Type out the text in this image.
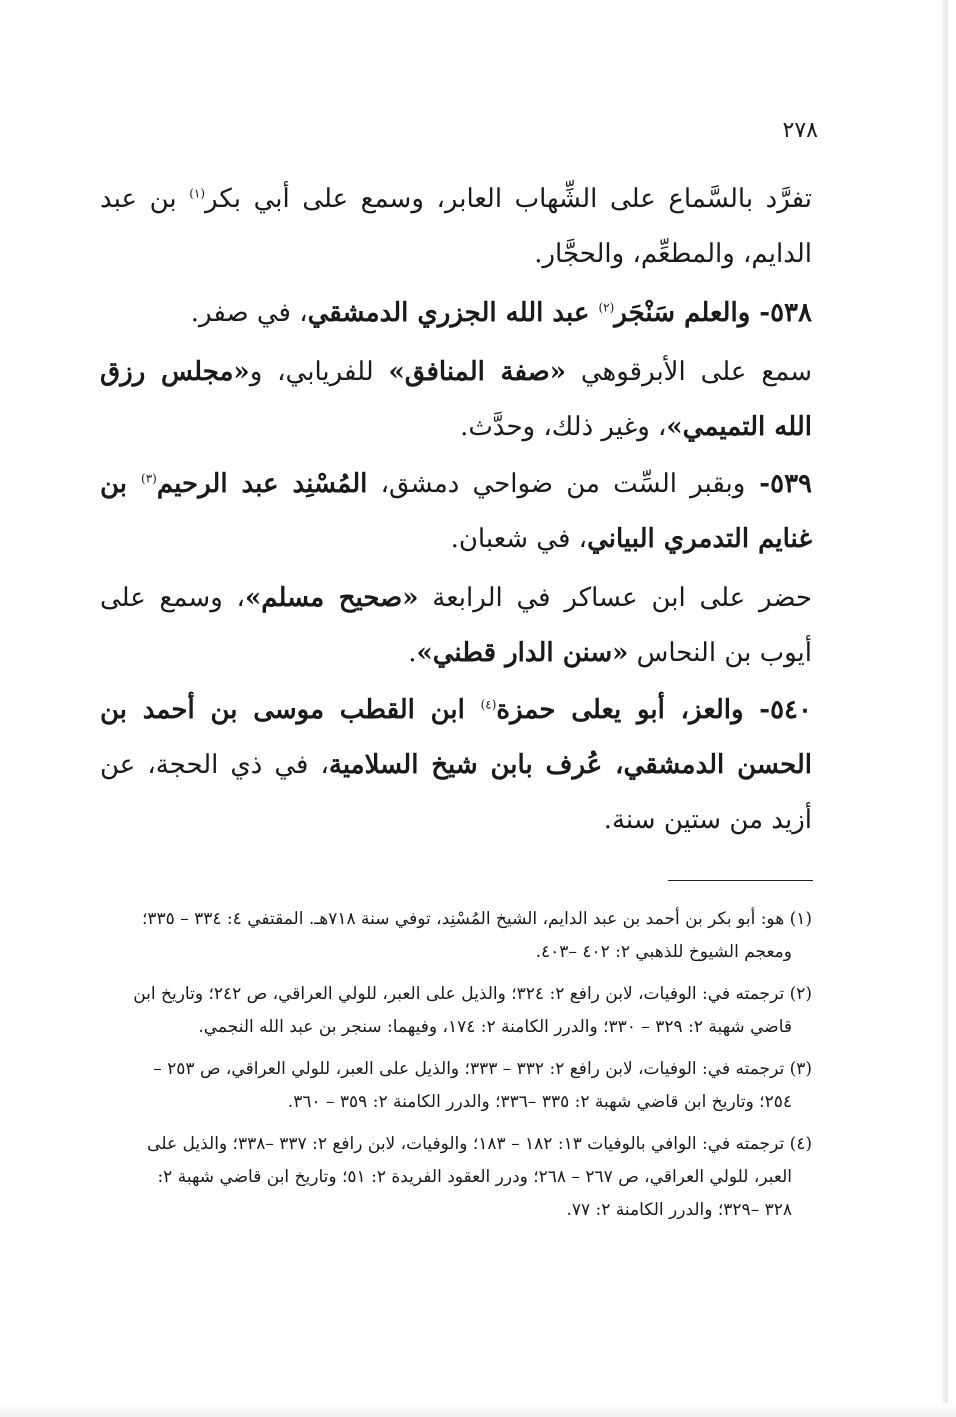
٢٧٨

تفرَّد بالسَّماع على الشِّهاب العابر، وسمع على أبي بكر$^{(١)}$ بن عبد الدايم، والمطعِّم، والحجَّار.

٥٣٨- والعلم سَنْجَر$^{(٢)}$ عبد الله الجزري الدمشقي، في صفر.

سمع على الأبرقوهي «صفة المنافق» للفريابي، و«مجلس رزق الله التميمي»، وغير ذلك، وحدَّث.

٥٣٩- وبقبر السِّت من ضواحي دمشق، المُسْنِد عبد الرحيم$^{(٣)}$ بن غنايم التدمري البياني، في شعبان.

حضر على ابن عساكر في الرابعة «صحيح مسلم»، وسمع على أيوب بن النحاس «سنن الدار قطني».

٥٤٠- والعز، أبو يعلى حمزة$^{(٤)}$ ابن القطب موسى بن أحمد بن الحسن الدمشقي، عُرف بابن شيخ السلامية، في ذي الحجة، عن أزيد من ستين سنة.

(١) هو: أبو بكر بن أحمد بن عبد الدايم، الشيخ المُسْنِد، توفي سنة ٧١٨هـ. المقتفي ٤: ٣٣٤ – ٣٣٥؛
ومعجم الشيوخ للذهبي ٢: ٤٠٢ –٤٠٣.

(٢) ترجمته في: الوفيات، لابن رافع ٢: ٣٢٤؛ والذيل على العبر، للولي العراقي، ص ٢٤٢؛ وتاريخ ابن
قاضي شهبة ٢: ٣٢٩ – ٣٣٠؛ والدرر الكامنة ٢: ١٧٤، وفيهما: سنجر بن عبد الله النجمي.

(٣) ترجمته في: الوفيات، لابن رافع ٢: ٣٣٢ – ٣٣٣؛ والذيل على العبر، للولي العراقي، ص ٢٥٣ –
٢٥٤؛ وتاريخ ابن قاضي شهبة ٢: ٣٣٥ –٣٣٦؛ والدرر الكامنة ٢: ٣٥٩ – ٣٦٠.

(٤) ترجمته في: الوافي بالوفيات ١٣: ١٨٢ – ١٨٣؛ والوفيات، لابن رافع ٢: ٣٣٧ –٣٣٨؛ والذيل على
العبر، للولي العراقي، ص ٢٦٧ – ٢٦٨؛ ودرر العقود الفريدة ٢: ٥١؛ وتاريخ ابن قاضي شهبة ٢:
٣٢٨ –٣٢٩؛ والدرر الكامنة ٢: ٧٧.
